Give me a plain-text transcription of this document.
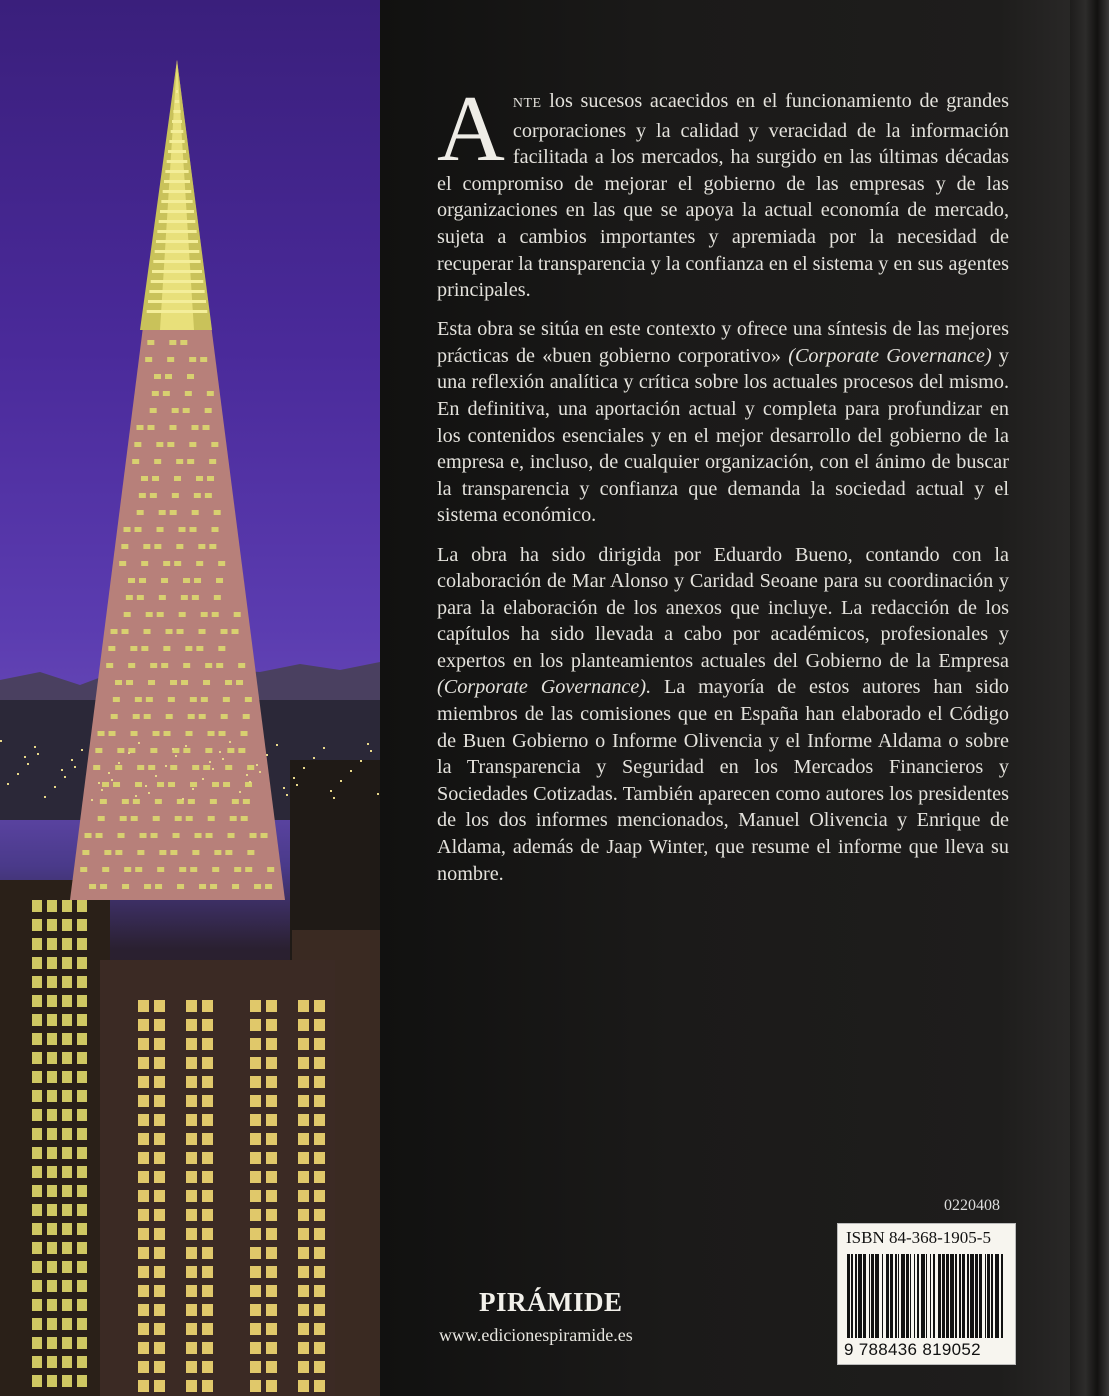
ANTE los sucesos acaecidos en el funcionamiento de grandes corporaciones y la calidad y veracidad de la información facilitada a los mercados, ha surgido en las últimas décadas el compromiso de mejorar el gobierno de las empresas y de las organizaciones en las que se apoya la actual economía de mercado, sujeta a cambios importantes y apremiada por la necesidad de recuperar la transparencia y la confianza en el sistema y en sus agentes principales.

Esta obra se sitúa en este contexto y ofrece una síntesis de las mejores prácticas de «buen gobierno corporativo» (Corporate Governance) y una reflexión analítica y crítica sobre los actuales procesos del mismo. En definitiva, una aportación actual y completa para profundizar en los contenidos esenciales y en el mejor desarrollo del gobierno de la empresa e, incluso, de cualquier organización, con el ánimo de buscar la transparencia y confianza que demanda la sociedad actual y el sistema económico.

La obra ha sido dirigida por Eduardo Bueno, contando con la colaboración de Mar Alonso y Caridad Seoane para su coordinación y para la elaboración de los anexos que incluye. La redacción de los capítulos ha sido llevada a cabo por académicos, profesionales y expertos en los planteamientos actuales del Gobierno de la Empresa (Corporate Governance). La mayoría de estos autores han sido miembros de las comisiones que en España han elaborado el Código de Buen Gobierno o Informe Olivencia y el Informe Aldama o sobre la Transparencia y Seguridad en los Mercados Financieros y Sociedades Cotizadas. También aparecen como autores los presidentes de los dos informes mencionados, Manuel Olivencia y Enrique de Aldama, además de Jaap Winter, que resume el informe que lleva su nombre.

0220408
ISBN 84-368-1905-5
9 788436 819052
PIRÁMIDE
www.edicionespiramide.es
